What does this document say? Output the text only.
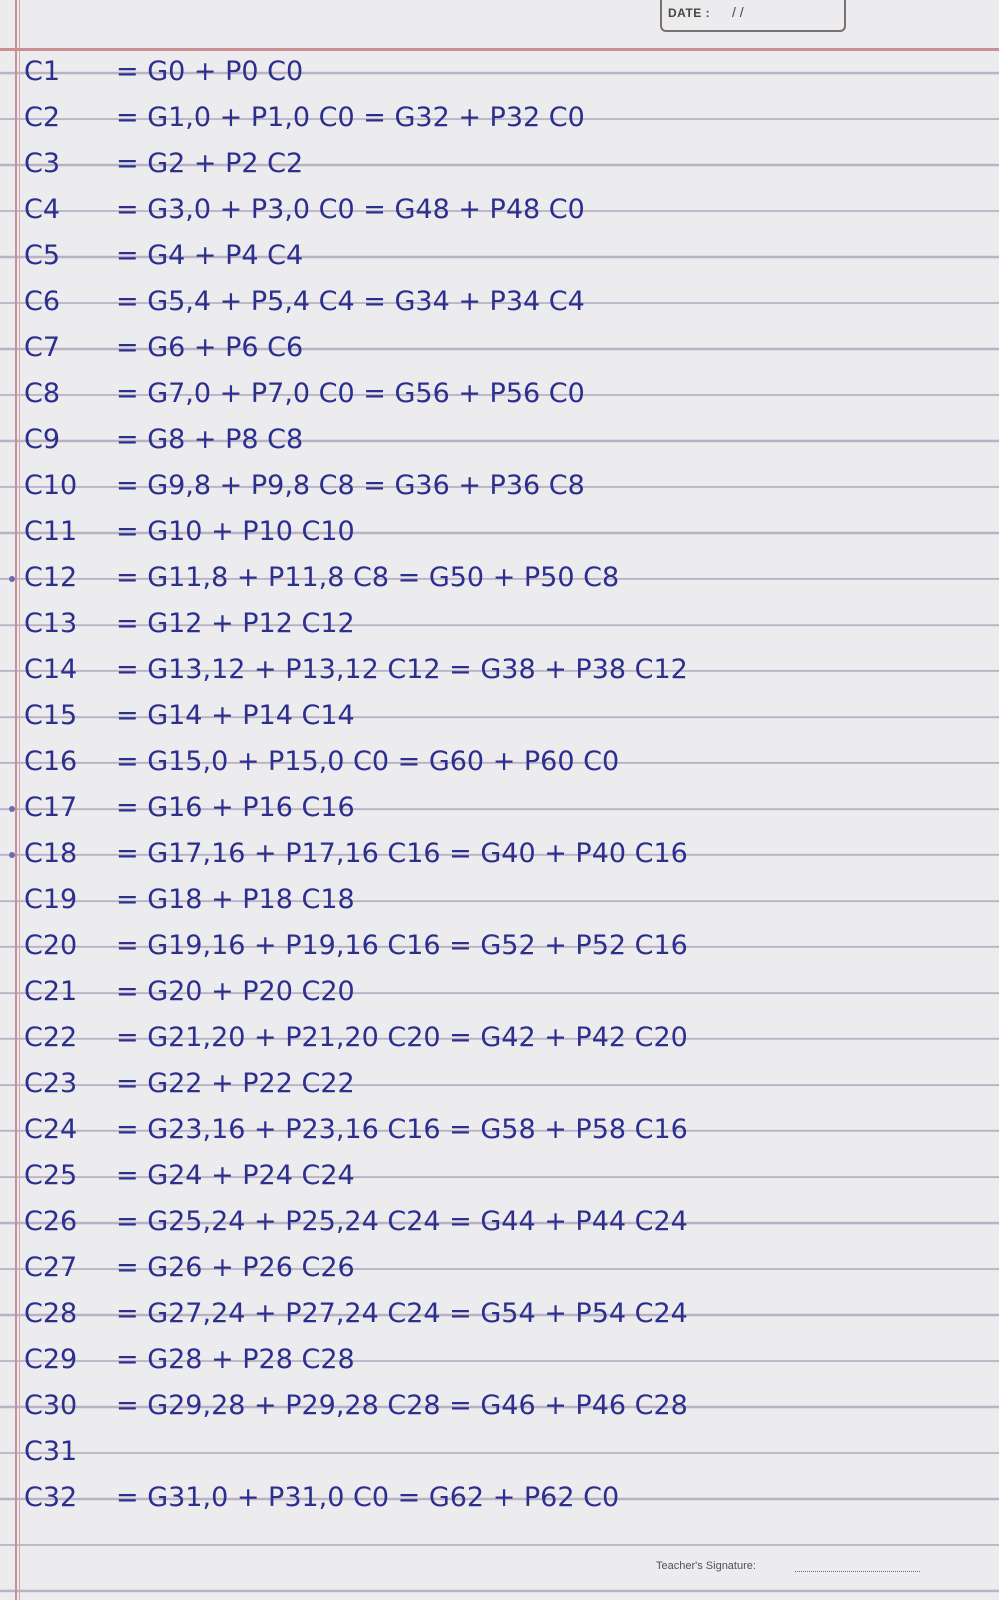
DATE : / /
C1	= G0 + P0 C0
C2	= G1,0 + P1,0 C0 = G32 + P32 C0
C3	= G2 + P2 C2
C4	= G3,0 + P3,0 C0 = G48 + P48 C0
C5	= G4 + P4 C4
C6	= G5,4 + P5,4 C4 = G34 + P34 C4
C7	= G6 + P6 C6
C8	= G7,0 + P7,0 C0 = G56 + P56 C0
C9	= G8 + P8 C8
C10	= G9,8 + P9,8 C8 = G36 + P36 C8
C11	= G10 + P10 C10
C12	= G11,8 + P11,8 C8 = G50 + P50 C8
C13	= G12 + P12 C12
C14	= G13,12 + P13,12 C12 = G38 + P38 C12
C15	= G14 + P14 C14
C16	= G15,0 + P15,0 C0 = G60 + P60 C0
C17	= G16 + P16 C16
C18	= G17,16 + P17,16 C16 = G40 + P40 C16
C19	= G18 + P18 C18
C20	= G19,16 + P19,16 C16 = G52 + P52 C16
C21	= G20 + P20 C20
C22	= G21,20 + P21,20 C20 = G42 + P42 C20
C23	= G22 + P22 C22
C24	= G23,16 + P23,16 C16 = G58 + P58 C16
C25	= G24 + P24 C24
C26	= G25,24 + P25,24 C24 = G44 + P44 C24
C27	= G26 + P26 C26
C28	= G27,24 + P27,24 C24 = G54 + P54 C24
C29	= G28 + P28 C28
C30	= G29,28 + P29,28 C28 = G46 + P46 C28
C31
C32	= G31,0 + P31,0 C0 = G62 + P62 C0
Teacher's Signature:
